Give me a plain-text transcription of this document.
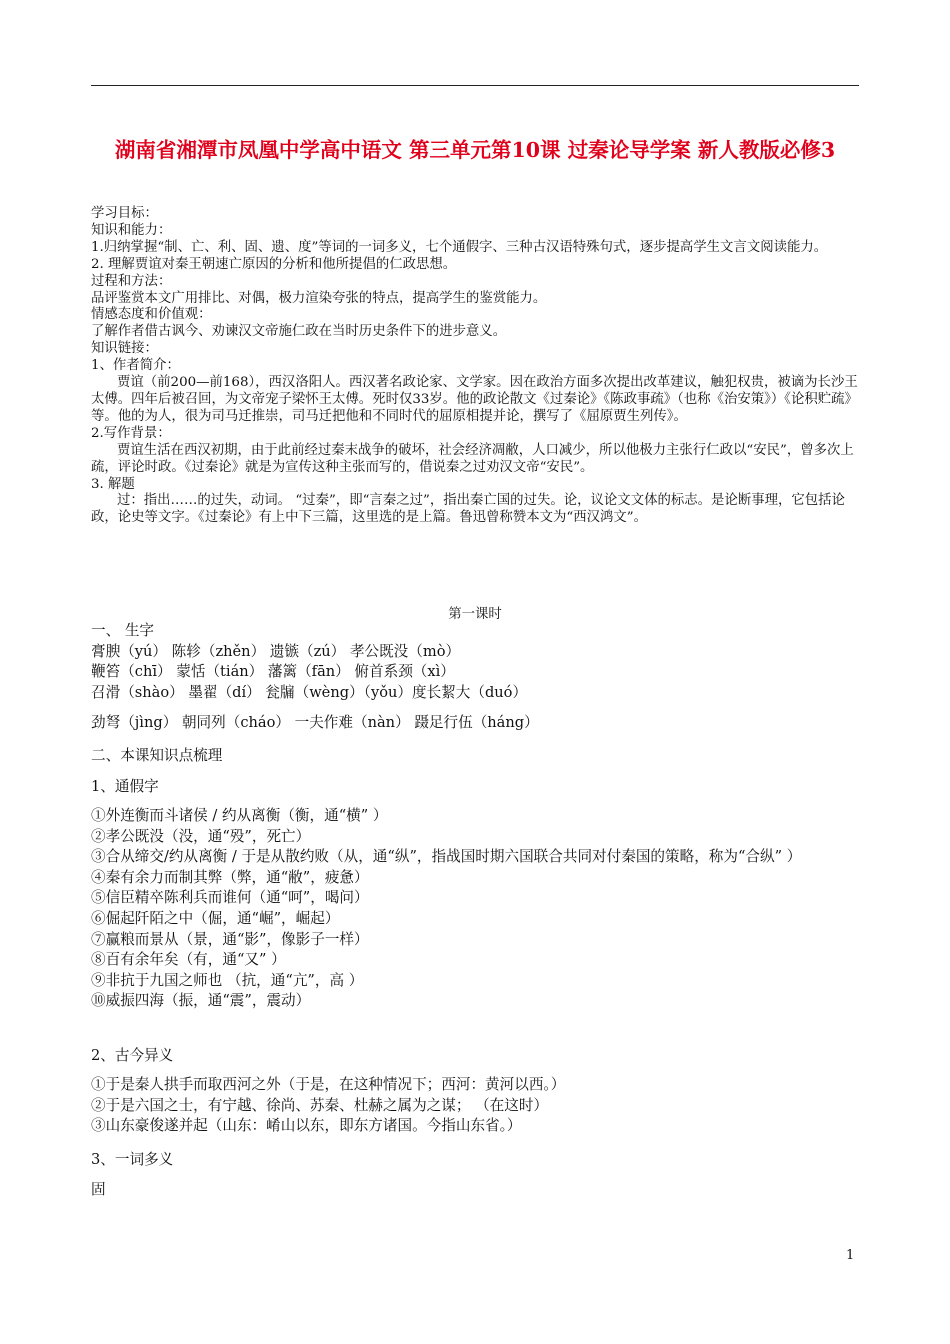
湖南省湘潭市凤凰中学高中语文 第三单元第10课 过秦论导学案 新人教版必修3

学习目标：

知识和能力：

1.归纳掌握“制、亡、利、固、遗、度”等词的一词多义，七个通假字、三种古汉语特殊句式，逐步提高学生文言文阅读能力。

2. 理解贾谊对秦王朝速亡原因的分析和他所提倡的仁政思想。

过程和方法：

品评鉴赏本文广用排比、对偶，极力渲染夸张的特点，提高学生的鉴赏能力。

情感态度和价值观：

了解作者借古讽今、劝谏汉文帝施仁政在当时历史条件下的进步意义。

知识链接：

1、作者简介：

贾谊（前200—前168），西汉洛阳人。西汉著名政论家、文学家。因在政治方面多次提出改革建议，触犯权贵，被谪为长沙王太傅。四年后被召回，为文帝宠子梁怀王太傅。死时仅33岁。他的政论散文《过秦论》《陈政事疏》（也称《治安策》）《论积贮疏》等。他的为人，很为司马迁推崇，司马迁把他和不同时代的屈原相提并论，撰写了《屈原贾生列传》。

2.写作背景：

贾谊生活在西汉初期，由于此前经过秦末战争的破坏，社会经济凋敝，人口减少，所以他极力主张行仁政以“安民”，曾多次上疏，评论时政。《过秦论》就是为宣传这种主张而写的，借说秦之过劝汉文帝“安民”。

3. 解题

过：指出……的过失，动词。 “过秦”，即“言秦之过”，指出秦亡国的过失。论，议论文文体的标志。是论断事理，它包括论政，论史等文字。《过秦论》有上中下三篇，这里选的是上篇。鲁迅曾称赞本文为“西汉鸿文”。

第一课时

一、 生字

膏腴（yú） 陈轸（zhěn） 遗镞（zú） 孝公既没（mò）

鞭笞（chī） 蒙恬（tián） 藩篱（fān） 俯首系颈（xì）

召滑（shào） 墨翟（dí） 瓮牖（wèng）（yǒu）度长絜大（duó）

劲弩（jìng） 朝同列（cháo） 一夫作难（nàn） 蹑足行伍（háng）
二、本课知识点梳理
1、通假字

①外连衡而斗诸侯 / 约从离衡（衡，通“横” ）

②孝公既没（没，通“殁”，死亡）

③合从缔交/约从离衡 / 于是从散约败（从，通“纵”，指战国时期六国联合共同对付秦国的策略，称为“合纵” ）

④秦有余力而制其弊（弊，通“敝”，疲惫）

⑤信臣精卒陈利兵而谁何（通“呵”，喝问）

⑥倔起阡陌之中（倔，通“崛”，崛起）

⑦赢粮而景从（景，通“影”，像影子一样）

⑧百有余年矣（有，通“又” ）

⑨非抗于九国之师也 （抗，通“亢”，高 ）

⑩威振四海（振，通“震”，震动）

2、古今异义

①于是秦人拱手而取西河之外（于是，在这种情况下；西河：黄河以西。）

②于是六国之士，有宁越、徐尚、苏秦、杜赫之属为之谋； （在这时）

③山东豪俊遂并起（山东：崤山以东，即东方诸国。今指山东省。）

3、一词多义
固
1
